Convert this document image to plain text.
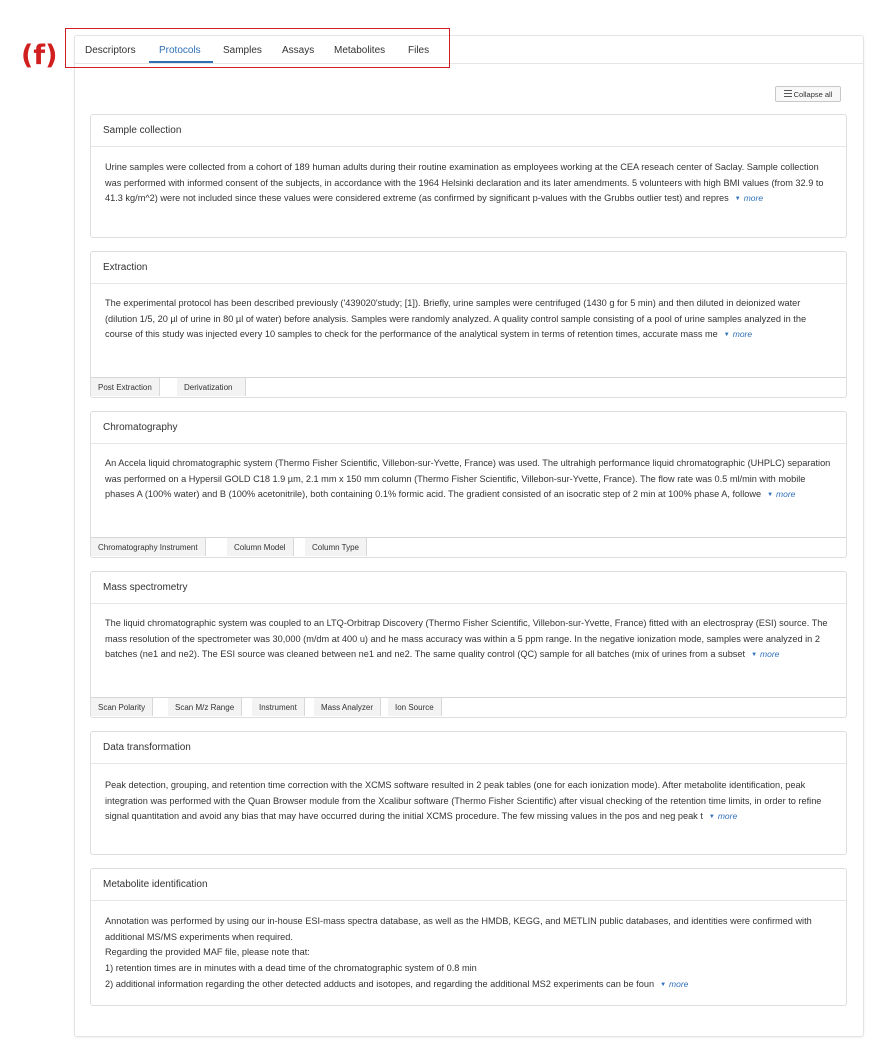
(f)	Descriptors Protocols Samples Assays Metabolites Files
Collapse all
Sample collection
Urine samples were collected from a cohort of 189 human adults during their routine examination as employees working at the CEA reseach center of Saclay. Sample collection was performed with informed consent of the subjects, in accordance with the 1964 Helsinki declaration and its later amendments. 5 volunteers with high BMI values (from 32.9 to 41.3 kg/m^2) were not included since these values were considered extreme (as confirmed by significant p-values with the Grubbs outlier test) and repres ▼ more
Extraction
The experimental protocol has been described previously ('439020'study; [1]). Briefly, urine samples were centrifuged (1430 g for 5 min) and then diluted in deionized water (dilution 1/5, 20 µl of urine in 80 µl of water) before analysis. Samples were randomly analyzed. A quality control sample consisting of a pool of urine samples analyzed in the course of this study was injected every 10 samples to check for the performance of the analytical system in terms of retention times, accurate mass me ▼ more
Post Extraction	Derivatization
Chromatography
An Accela liquid chromatographic system (Thermo Fisher Scientific, Villebon-sur-Yvette, France) was used. The ultrahigh performance liquid chromatographic (UHPLC) separation was performed on a Hypersil GOLD C18 1.9 µm, 2.1 mm x 150 mm column (Thermo Fisher Scientific, Villebon-sur-Yvette, France). The flow rate was 0.5 ml/min with mobile phases A (100% water) and B (100% acetonitrile), both containing 0.1% formic acid. The gradient consisted of an isocratic step of 2 min at 100% phase A, followe ▼ more
Chromatography Instrument	Column Model	Column Type
Mass spectrometry
The liquid chromatographic system was coupled to an LTQ-Orbitrap Discovery (Thermo Fisher Scientific, Villebon-sur-Yvette, France) fitted with an electrospray (ESI) source. The mass resolution of the spectrometer was 30,000 (m/dm at 400 u) and he mass accuracy was within a 5 ppm range. In the negative ionization mode, samples were analyzed in 2 batches (ne1 and ne2). The ESI source was cleaned between ne1 and ne2. The same quality control (QC) sample for all batches (mix of urines from a subset ▼ more
Scan Polarity	Scan M/z Range	Instrument	Mass Analyzer	Ion Source
Data transformation
Peak detection, grouping, and retention time correction with the XCMS software resulted in 2 peak tables (one for each ionization mode). After metabolite identification, peak integration was performed with the Quan Browser module from the Xcalibur software (Thermo Fisher Scientific) after visual checking of the retention time limits, in order to refine signal quantitation and avoid any bias that may have occurred during the initial XCMS procedure. The few missing values in the pos and neg peak t ▼ more
Metabolite identification
Annotation was performed by using our in-house ESI-mass spectra database, as well as the HMDB, KEGG, and METLIN public databases, and identities were confirmed with additional MS/MS experiments when required.
Regarding the provided MAF file, please note that:
1) retention times are in minutes with a dead time of the chromatographic system of 0.8 min
2) additional information regarding the other detected adducts and isotopes, and regarding the additional MS2 experiments can be foun ▼ more
